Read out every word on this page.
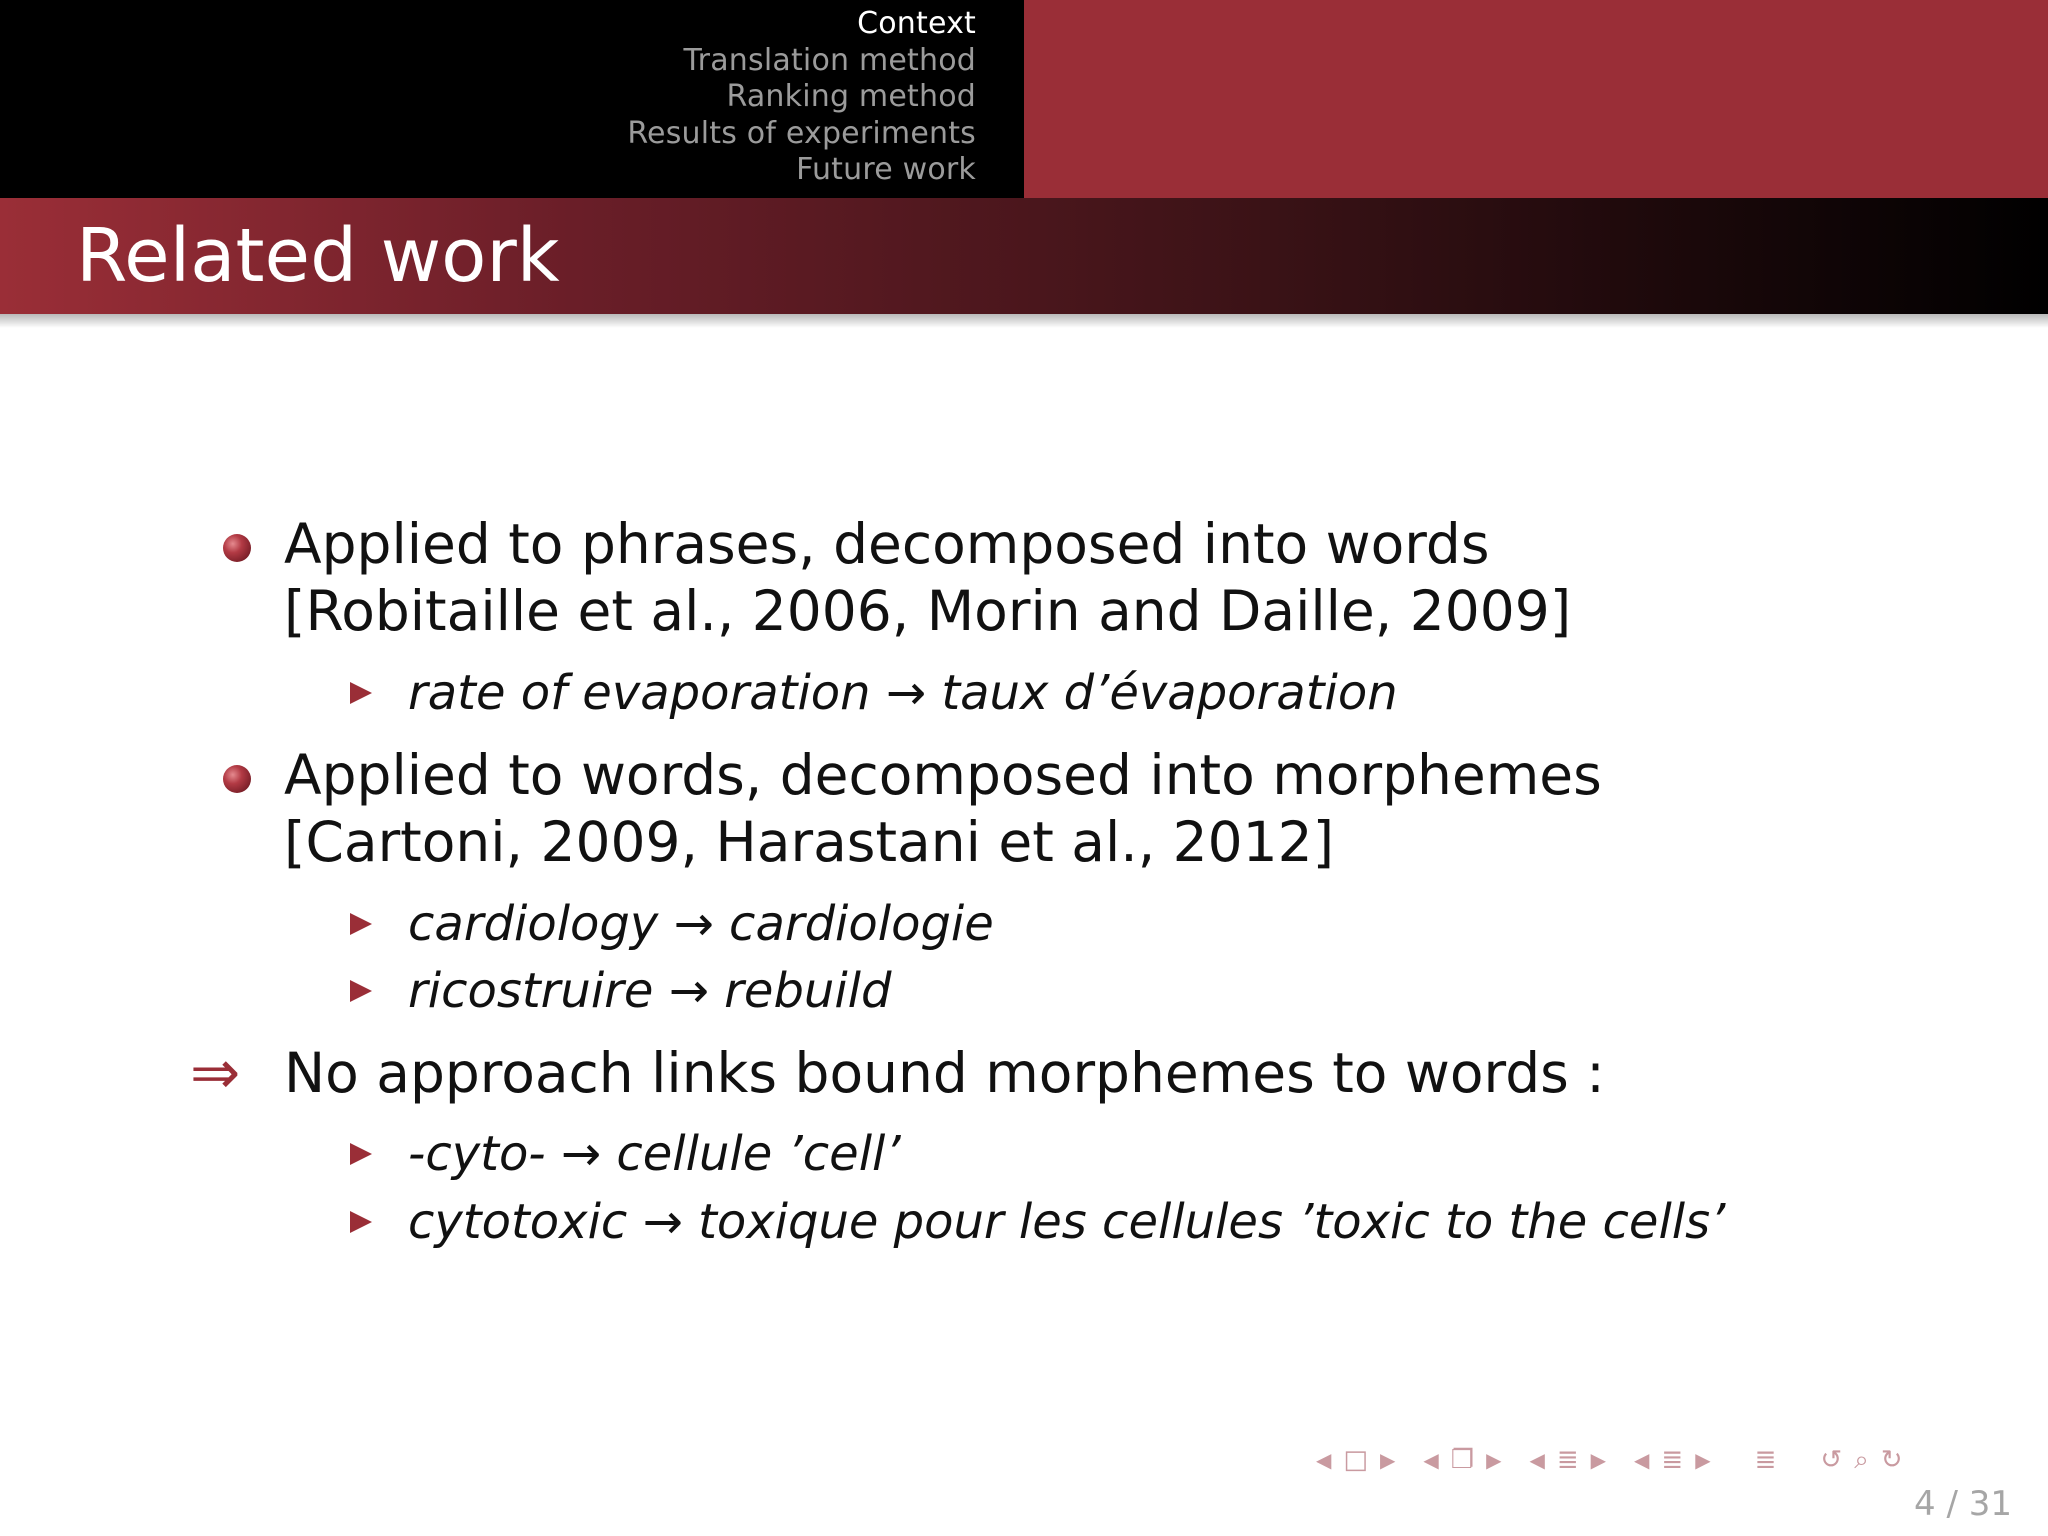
Context
Translation method
Ranking method
Results of experiments
Future work
Related work
Applied to phrases, decomposed into words
[Robitaille et al., 2006, Morin and Daille, 2009]
rate of evaporation → taux d’évaporation
Applied to words, decomposed into morphemes
[Cartoni, 2009, Harastani et al., 2012]
cardiology → cardiologie
ricostruire → rebuild
⇒ No approach links bound morphemes to words :
-cyto- → cellule ’cell’
cytotoxic → toxique pour les cellules ’toxic to the cells’
◀ □ ▶ ◀ ❐ ▶ ◀ ≣ ▶ ◀ ≣ ▶ ≣ ↺ ⌕ ↻
4 / 31
